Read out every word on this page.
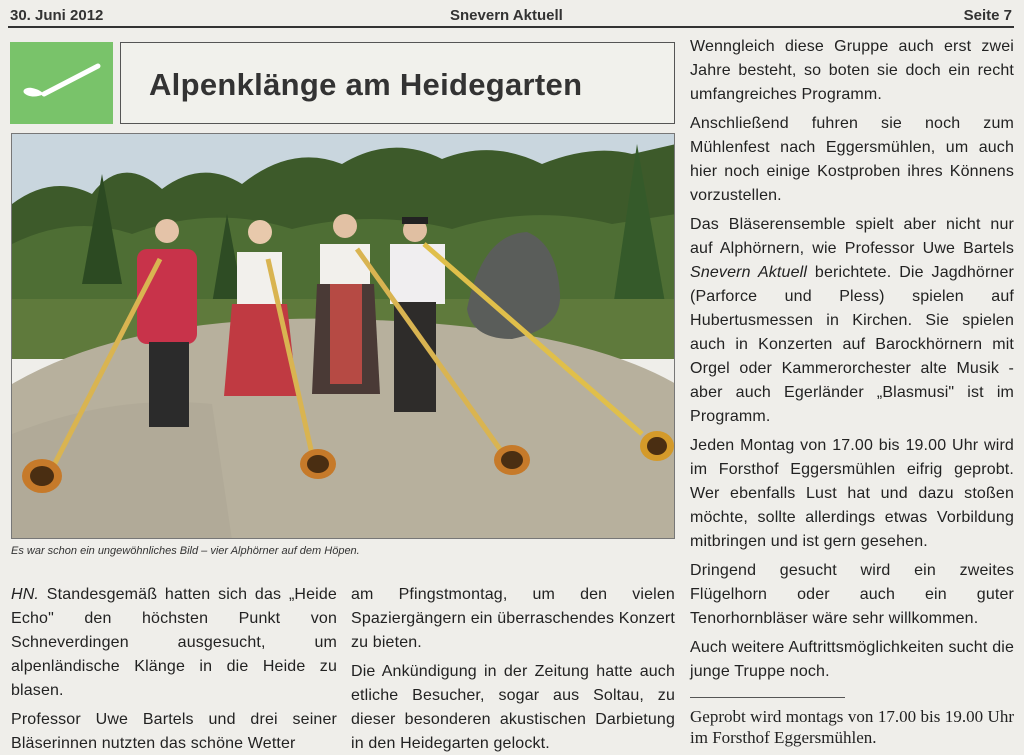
30. Juni 2012	Snevern Aktuell	Seite 7
Alpenklänge am Heidegarten
Es war schon ein ungewöhnliches Bild – vier Alphörner auf dem Höpen.

HN. Standesgemäß hatten sich das „Heide Echo" den höchsten Punkt von Schneverdingen ausgesucht, um alpenländische Klänge in die Heide zu blasen.

Professor Uwe Bartels und drei seiner Bläserinnen nutzten das schöne Wetter

am Pfingstmontag, um den vielen Spaziergängern ein überraschendes Konzert zu bieten.

Die Ankündigung in der Zeitung hatte auch etliche Besucher, sogar aus Soltau, zu dieser besonderen akustischen Darbietung in den Heidegarten gelockt.

Wenngleich diese Gruppe auch erst zwei Jahre besteht, so boten sie doch ein recht umfangreiches Programm.

Anschließend fuhren sie noch zum Mühlenfest nach Eggersmühlen, um auch hier noch einige Kostproben ihres Könnens vorzustellen.

Das Bläserensemble spielt aber nicht nur auf Alphörnern, wie Professor Uwe Bartels Snevern Aktuell berichtete. Die Jagdhörner (Parforce und Pless) spielen auf Hubertusmessen in Kirchen. Sie spielen auch in Konzerten auf Barockhörnern mit Orgel oder Kammerorchester alte Musik - aber auch Egerländer „Blasmusi" ist im Programm.

Jeden Montag von 17.00 bis 19.00 Uhr wird im Forsthof Eggersmühlen eifrig geprobt. Wer ebenfalls Lust hat und dazu stoßen möchte, sollte allerdings etwas Vorbildung mitbringen und ist gern gesehen.

Dringend gesucht wird ein zweites Flügelhorn oder auch ein guter Tenorhornbläser wäre sehr willkommen.

Auch weitere Auftrittsmöglichkeiten sucht die junge Truppe noch.

Geprobt wird montags von 17.00 bis 19.00 Uhr im Forsthof Eggersmühlen.
